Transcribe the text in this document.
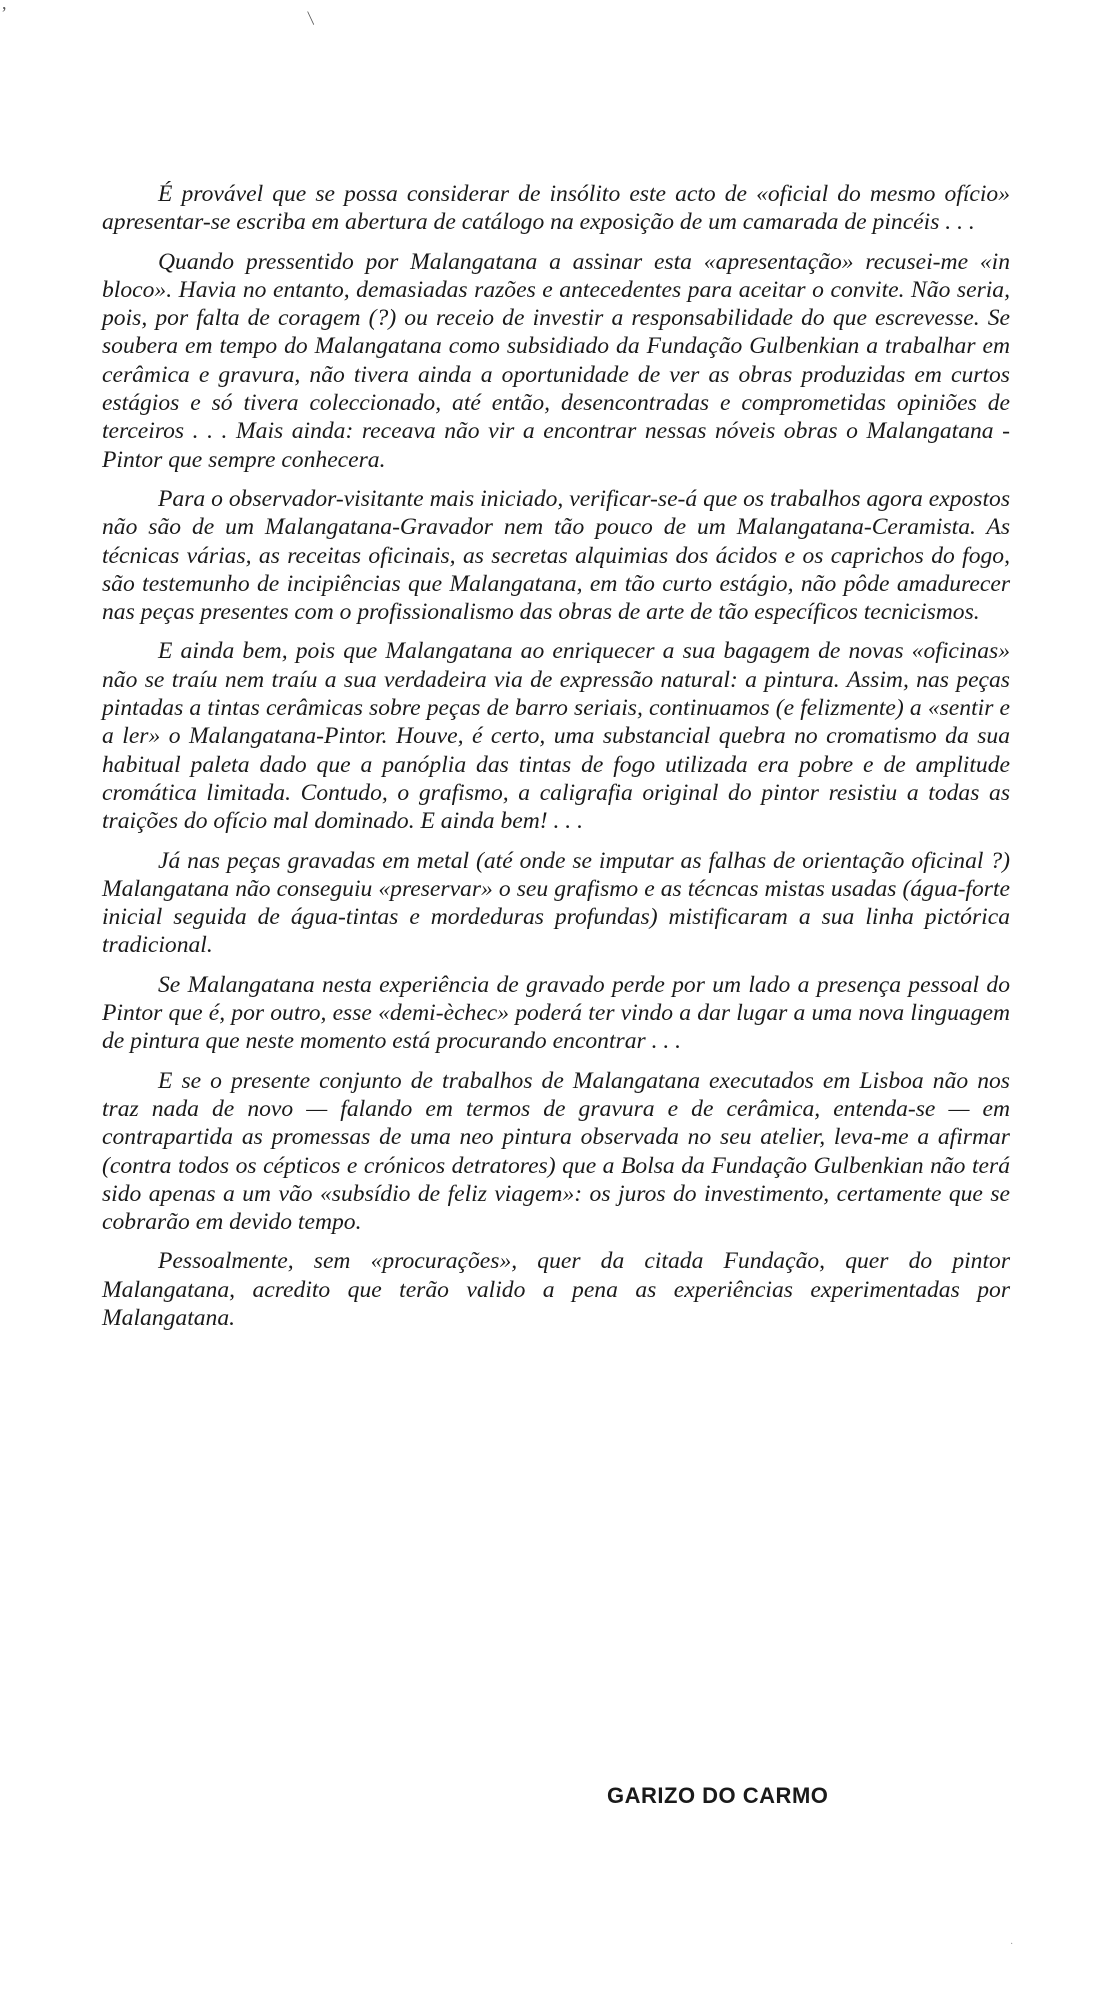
,
|
·

É provável que se possa considerar de insólito este acto de «oficial do mesmo ofício» apresentar-se escriba em abertura de catálogo na exposição de um camarada de pincéis . . .

Quando pressentido por Malangatana a assinar esta «apresentação» recusei-me «in bloco». Havia no entanto, demasiadas razões e antecedentes para aceitar o convite. Não seria, pois, por falta de coragem (?) ou receio de investir a responsabilidade do que escrevesse. Se soubera em tempo do Malangatana como subsidiado da Fundação Gulbenkian a trabalhar em cerâmica e gravura, não tivera ainda a oportunidade de ver as obras produzidas em curtos estágios e só tivera coleccionado, até então, desencontradas e comprometidas opiniões de terceiros . . . Mais ainda: receava não vir a encontrar nessas nóveis obras o Malangatana - Pintor que sempre conhecera.

Para o observador-visitante mais iniciado, verificar-se-á que os trabalhos agora expostos não são de um Malangatana-Gravador nem tão pouco de um Malangatana-Ceramista. As técnicas várias, as receitas oficinais, as secretas alquimias dos ácidos e os caprichos do fogo, são testemunho de incipiências que Malangatana, em tão curto estágio, não pôde amadurecer nas peças presentes com o profissionalismo das obras de arte de tão específicos tecnicismos.

E ainda bem, pois que Malangatana ao enriquecer a sua bagagem de novas «oficinas» não se traíu nem traíu a sua verdadeira via de expressão natural: a pintura. Assim, nas peças pintadas a tintas cerâmicas sobre peças de barro seriais, continuamos (e felizmente) a «sentir e a ler» o Malangatana-Pintor. Houve, é certo, uma substancial quebra no cromatismo da sua habitual paleta dado que a panóplia das tintas de fogo utilizada era pobre e de amplitude cromática limitada. Contudo, o grafismo, a caligrafia original do pintor resistiu a todas as traições do ofício mal dominado. E ainda bem! . . .

Já nas peças gravadas em metal (até onde se imputar as falhas de orientação oficinal ?) Malangatana não conseguiu «preservar» o seu grafismo e as técncas mistas usadas (água-forte inicial seguida de água-tintas e mordeduras profundas) mistificaram a sua linha pictórica tradicional.

Se Malangatana nesta experiência de gravado perde por um lado a presença pessoal do Pintor que é, por outro, esse «demi-èchec» poderá ter vindo a dar lugar a uma nova linguagem de pintura que neste momento está procurando encontrar . . .

E se o presente conjunto de trabalhos de Malangatana executados em Lisboa não nos traz nada de novo — falando em termos de gravura e de cerâmica, entenda-se — em contrapartida as promessas de uma neo pintura observada no seu atelier, leva-me a afirmar (contra todos os cépticos e crónicos detratores) que a Bolsa da Fundação Gulbenkian não terá sido apenas a um vão «subsídio de feliz viagem»: os juros do investimento, certamente que se cobrarão em devido tempo.

Pessoalmente, sem «procurações», quer da citada Fundação, quer do pintor Malangatana, acredito que terão valido a pena as experiências experimentadas por Malangatana.

GARIZO DO CARMO
